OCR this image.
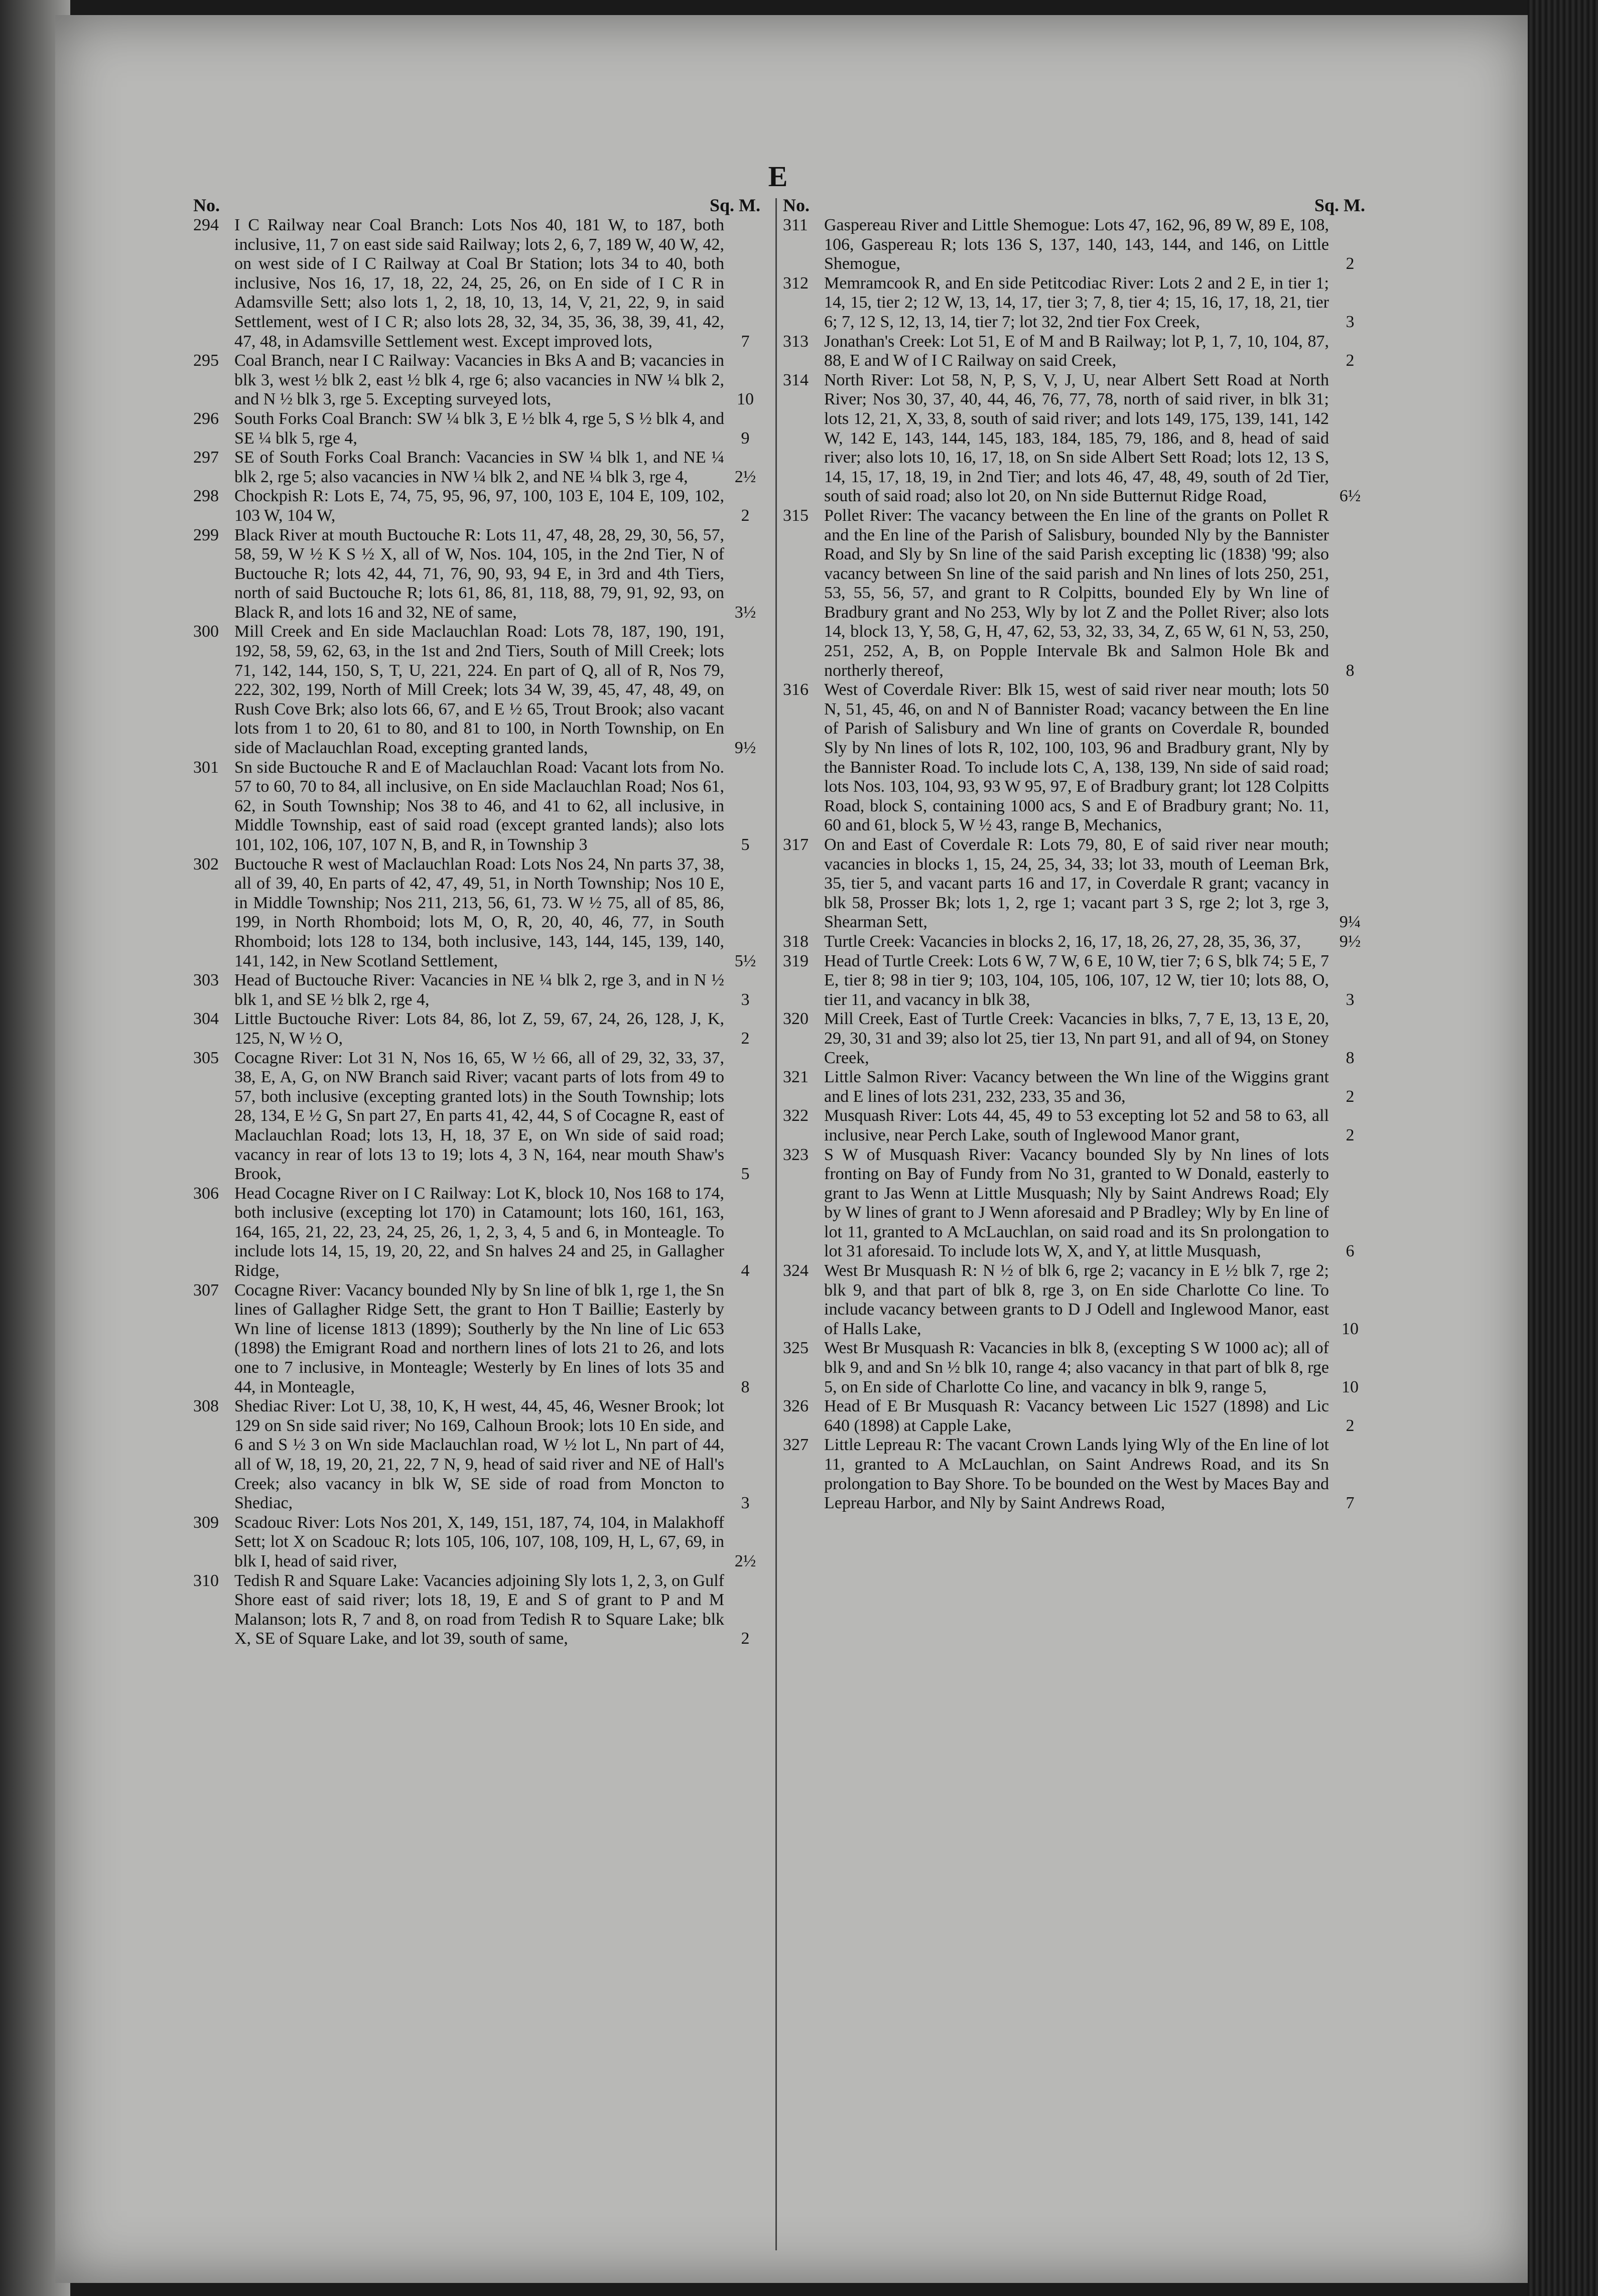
E
No.	Sq. M.
294 I C Railway near Coal Branch: Lots Nos 40, 181 W, to 187, both inclusive, 11, 7 on east side said Railway; lots 2, 6, 7, 189 W, 40 W, 42, on west side of I C Railway at Coal Br Station; lots 34 to 40, both inclusive, Nos 16, 17, 18, 22, 24, 25, 26, on En side of I C R in Adamsville Sett; also lots 1, 2, 18, 10, 13, 14, V, 21, 22, 9, in said Settlement, west of I C R; also lots 28, 32, 34, 35, 36, 38, 39, 41, 42, 47, 48, in Adamsville Settlement west. Except improved lots,	7
295 Coal Branch, near I C Railway: Vacancies in Bks A and B; vacancies in blk 3, west ½ blk 2, east ½ blk 4, rge 6; also vacancies in NW ¼ blk 2, and N ½ blk 3, rge 5. Excepting surveyed lots,	10
296 South Forks Coal Branch: SW ¼ blk 3, E ½ blk 4, rge 5, S ½ blk 4, and SE ¼ blk 5, rge 4,	9
297 SE of South Forks Coal Branch: Vacancies in SW ¼ blk 1, and NE ¼ blk 2, rge 5; also vacancies in NW ¼ blk 2, and NE ¼ blk 3, rge 4,	2½
298 Chockpish R: Lots E, 74, 75, 95, 96, 97, 100, 103 E, 104 E, 109, 102, 103 W, 104 W,	2
299 Black River at mouth Buctouche R: Lots 11, 47, 48, 28, 29, 30, 56, 57, 58, 59, W ½ K S ½ X, all of W, Nos. 104, 105, in the 2nd Tier, N of Buctouche R; lots 42, 44, 71, 76, 90, 93, 94 E, in 3rd and 4th Tiers, north of said Buctouche R; lots 61, 86, 81, 118, 88, 79, 91, 92, 93, on Black R, and lots 16 and 32, NE of same,	3½
300 Mill Creek and En side Maclauchlan Road: Lots 78, 187, 190, 191, 192, 58, 59, 62, 63, in the 1st and 2nd Tiers, South of Mill Creek; lots 71, 142, 144, 150, S, T, U, 221, 224. En part of Q, all of R, Nos 79, 222, 302, 199, North of Mill Creek; lots 34 W, 39, 45, 47, 48, 49, on Rush Cove Brk; also lots 66, 67, and E ½ 65, Trout Brook; also vacant lots from 1 to 20, 61 to 80, and 81 to 100, in North Township, on En side of Maclauchlan Road, excepting granted lands,	9½
301 Sn side Buctouche R and E of Maclauchlan Road: Vacant lots from No. 57 to 60, 70 to 84, all inclusive, on En side Maclauchlan Road; Nos 61, 62, in South Township; Nos 38 to 46, and 41 to 62, all inclusive, in Middle Township, east of said road (except granted lands); also lots 101, 102, 106, 107, 107 N, B, and R, in Township 3	5
302 Buctouche R west of Maclauchlan Road: Lots Nos 24, Nn parts 37, 38, all of 39, 40, En parts of 42, 47, 49, 51, in North Township; Nos 10 E, in Middle Township; Nos 211, 213, 56, 61, 73. W ½ 75, all of 85, 86, 199, in North Rhomboid; lots M, O, R, 20, 40, 46, 77, in South Rhomboid; lots 128 to 134, both inclusive, 143, 144, 145, 139, 140, 141, 142, in New Scotland Settlement,	5½
303 Head of Buctouche River: Vacancies in NE ¼ blk 2, rge 3, and in N ½ blk 1, and SE ½ blk 2, rge 4,	3
304 Little Buctouche River: Lots 84, 86, lot Z, 59, 67, 24, 26, 128, J, K, 125, N, W ½ O,	2
305 Cocagne River: Lot 31 N, Nos 16, 65, W ½ 66, all of 29, 32, 33, 37, 38, E, A, G, on NW Branch said River; vacant parts of lots from 49 to 57, both inclusive (excepting granted lots) in the South Township; lots 28, 134, E ½ G, Sn part 27, En parts 41, 42, 44, S of Cocagne R, east of Maclauchlan Road; lots 13, H, 18, 37 E, on Wn side of said road; vacancy in rear of lots 13 to 19; lots 4, 3 N, 164, near mouth Shaw's Brook,	5
306 Head Cocagne River on I C Railway: Lot K, block 10, Nos 168 to 174, both inclusive (excepting lot 170) in Catamount; lots 160, 161, 163, 164, 165, 21, 22, 23, 24, 25, 26, 1, 2, 3, 4, 5 and 6, in Monteagle. To include lots 14, 15, 19, 20, 22, and Sn halves 24 and 25, in Gallagher Ridge,	4
307 Cocagne River: Vacancy bounded Nly by Sn line of blk 1, rge 1, the Sn lines of Gallagher Ridge Sett, the grant to Hon T Baillie; Easterly by Wn line of license 1813 (1899); Southerly by the Nn line of Lic 653 (1898) the Emigrant Road and northern lines of lots 21 to 26, and lots one to 7 inclusive, in Monteagle; Westerly by En lines of lots 35 and 44, in Monteagle,	8
308 Shediac River: Lot U, 38, 10, K, H west, 44, 45, 46, Wesner Brook; lot 129 on Sn side said river; No 169, Calhoun Brook; lots 10 En side, and 6 and S ½ 3 on Wn side Maclauchlan road, W ½ lot L, Nn part of 44, all of W, 18, 19, 20, 21, 22, 7 N, 9, head of said river and NE of Hall's Creek; also vacancy in blk W, SE side of road from Moncton to Shediac,	3
309 Scadouc River: Lots Nos 201, X, 149, 151, 187, 74, 104, in Malakhoff Sett; lot X on Scadouc R; lots 105, 106, 107, 108, 109, H, L, 67, 69, in blk I, head of said river,	2½
310 Tedish R and Square Lake: Vacancies adjoining Sly lots 1, 2, 3, on Gulf Shore east of said river; lots 18, 19, E and S of grant to P and M Malanson; lots R, 7 and 8, on road from Tedish R to Square Lake; blk X, SE of Square Lake, and lot 39, south of same,	2
No.	Sq. M.
311 Gaspereau River and Little Shemogue: Lots 47, 162, 96, 89 W, 89 E, 108, 106, Gaspereau R; lots 136 S, 137, 140, 143, 144, and 146, on Little Shemogue,	2
312 Memramcook R, and En side Petitcodiac River: Lots 2 and 2 E, in tier 1; 14, 15, tier 2; 12 W, 13, 14, 17, tier 3; 7, 8, tier 4; 15, 16, 17, 18, 21, tier 6; 7, 12 S, 12, 13, 14, tier 7; lot 32, 2nd tier Fox Creek,	3
313 Jonathan's Creek: Lot 51, E of M and B Railway; lot P, 1, 7, 10, 104, 87, 88, E and W of I C Railway on said Creek,	2
314 North River: Lot 58, N, P, S, V, J, U, near Albert Sett Road at North River; Nos 30, 37, 40, 44, 46, 76, 77, 78, north of said river, in blk 31; lots 12, 21, X, 33, 8, south of said river; and lots 149, 175, 139, 141, 142 W, 142 E, 143, 144, 145, 183, 184, 185, 79, 186, and 8, head of said river; also lots 10, 16, 17, 18, on Sn side Albert Sett Road; lots 12, 13 S, 14, 15, 17, 18, 19, in 2nd Tier; and lots 46, 47, 48, 49, south of 2d Tier, south of said road; also lot 20, on Nn side Butternut Ridge Road,	6½
315 Pollet River: The vacancy between the En line of the grants on Pollet R and the En line of the Parish of Salisbury, bounded Nly by the Bannister Road, and Sly by Sn line of the said Parish excepting lic (1838) '99; also vacancy between Sn line of the said parish and Nn lines of lots 250, 251, 53, 55, 56, 57, and grant to R Colpitts, bounded Ely by Wn line of Bradbury grant and No 253, Wly by lot Z and the Pollet River; also lots 14, block 13, Y, 58, G, H, 47, 62, 53, 32, 33, 34, Z, 65 W, 61 N, 53, 250, 251, 252, A, B, on Popple Intervale Bk and Salmon Hole Bk and northerly thereof,	8
316 West of Coverdale River: Blk 15, west of said river near mouth; lots 50 N, 51, 45, 46, on and N of Bannister Road; vacancy between the En line of Parish of Salisbury and Wn line of grants on Coverdale R, bounded Sly by Nn lines of lots R, 102, 100, 103, 96 and Bradbury grant, Nly by the Bannister Road. To include lots C, A, 138, 139, Nn side of said road; lots Nos. 103, 104, 93, 93 W 95, 97, E of Bradbury grant; lot 128 Colpitts Road, block S, containing 1000 acs, S and E of Bradbury grant; No. 11, 60 and 61, block 5, W ½ 43, range B, Mechanics,
317 On and East of Coverdale R: Lots 79, 80, E of said river near mouth; vacancies in blocks 1, 15, 24, 25, 34, 33; lot 33, mouth of Leeman Brk, 35, tier 5, and vacant parts 16 and 17, in Coverdale R grant; vacancy in blk 58, Prosser Bk; lots 1, 2, rge 1; vacant part 3 S, rge 2; lot 3, rge 3, Shearman Sett,	9¼
318 Turtle Creek: Vacancies in blocks 2, 16, 17, 18, 26, 27, 28, 35, 36, 37,	9½
319 Head of Turtle Creek: Lots 6 W, 7 W, 6 E, 10 W, tier 7; 6 S, blk 74; 5 E, 7 E, tier 8; 98 in tier 9; 103, 104, 105, 106, 107, 12 W, tier 10; lots 88, O, tier 11, and vacancy in blk 38,	3
320 Mill Creek, East of Turtle Creek: Vacancies in blks, 7, 7 E, 13, 13 E, 20, 29, 30, 31 and 39; also lot 25, tier 13, Nn part 91, and all of 94, on Stoney Creek,	8
321 Little Salmon River: Vacancy between the Wn line of the Wiggins grant and E lines of lots 231, 232, 233, 35 and 36,	2
322 Musquash River: Lots 44, 45, 49 to 53 excepting lot 52 and 58 to 63, all inclusive, near Perch Lake, south of Inglewood Manor grant,	2
323 S W of Musquash River: Vacancy bounded Sly by Nn lines of lots fronting on Bay of Fundy from No 31, granted to W Donald, easterly to grant to Jas Wenn at Little Musquash; Nly by Saint Andrews Road; Ely by W lines of grant to J Wenn aforesaid and P Bradley; Wly by En line of lot 11, granted to A McLauchlan, on said road and its Sn prolongation to lot 31 aforesaid. To include lots W, X, and Y, at little Musquash,	6
324 West Br Musquash R: N ½ of blk 6, rge 2; vacancy in E ½ blk 7, rge 2; blk 9, and that part of blk 8, rge 3, on En side Charlotte Co line. To include vacancy between grants to D J Odell and Inglewood Manor, east of Halls Lake,	10
325 West Br Musquash R: Vacancies in blk 8, (excepting S W 1000 ac); all of blk 9, and and Sn ½ blk 10, range 4; also vacancy in that part of blk 8, rge 5, on En side of Charlotte Co line, and vacancy in blk 9, range 5,	10
326 Head of E Br Musquash R: Vacancy between Lic 1527 (1898) and Lic 640 (1898) at Capple Lake,	2
327 Little Lepreau R: The vacant Crown Lands lying Wly of the En line of lot 11, granted to A McLauchlan, on Saint Andrews Road, and its Sn prolongation to Bay Shore. To be bounded on the West by Maces Bay and Lepreau Harbor, and Nly by Saint Andrews Road,	7
